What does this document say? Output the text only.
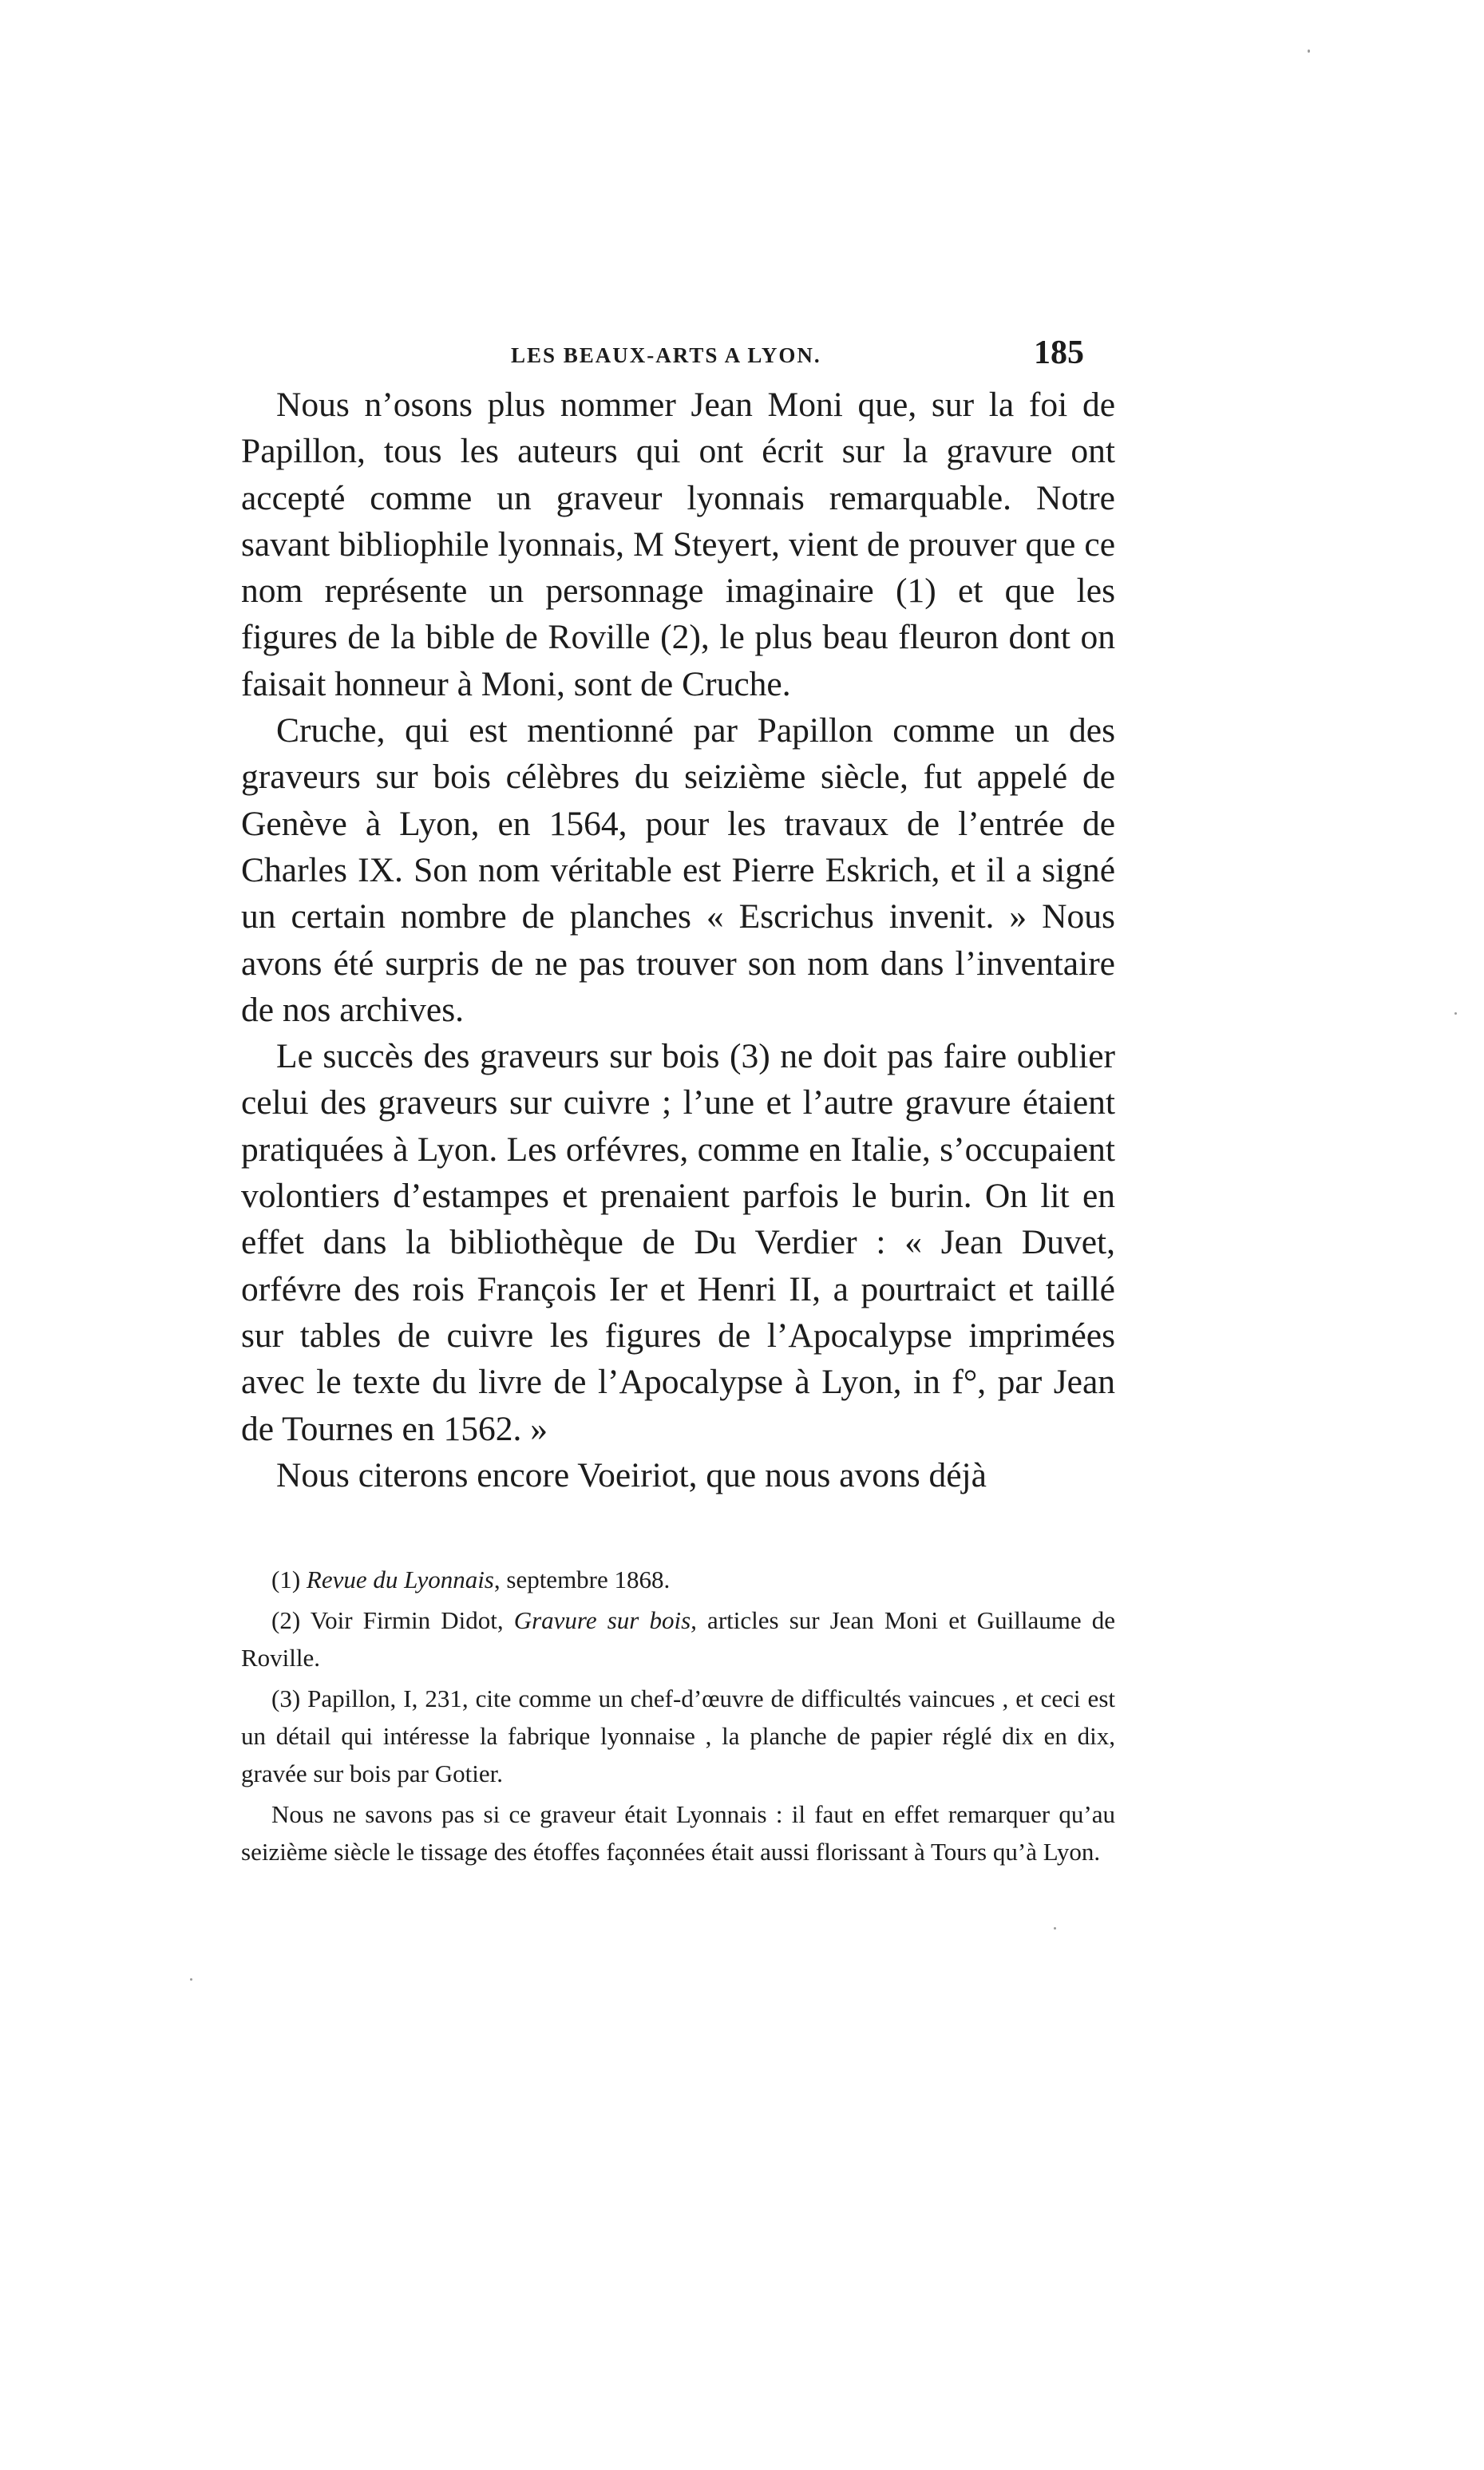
LES BEAUX-ARTS A LYON.	185

Nous n’osons plus nommer Jean Moni que, sur la foi de Papillon, tous les auteurs qui ont écrit sur la gravure ont accepté comme un graveur lyonnais remarquable. Notre savant bibliophile lyonnais, M Steyert, vient de prouver que ce nom représente un personnage imaginaire (1) et que les figures de la bible de Roville (2), le plus beau fleuron dont on faisait honneur à Moni, sont de Cruche.

Cruche, qui est mentionné par Papillon comme un des graveurs sur bois célèbres du seizième siècle, fut appelé de Genève à Lyon, en 1564, pour les travaux de l’entrée de Charles IX. Son nom véritable est Pierre Eskrich, et il a signé un certain nombre de planches « Escrichus invenit. » Nous avons été surpris de ne pas trouver son nom dans l’inventaire de nos archives.

Le succès des graveurs sur bois (3) ne doit pas faire oublier celui des graveurs sur cuivre ; l’une et l’autre gravure étaient pratiquées à Lyon. Les orfévres, comme en Italie, s’occupaient volontiers d’estampes et prenaient parfois le burin. On lit en effet dans la bibliothèque de Du Verdier : « Jean Duvet, orfévre des rois François Ier et Henri II, a pourtraict et taillé sur tables de cuivre les figures de l’Apocalypse imprimées avec le texte du livre de l’Apocalypse à Lyon, in f°, par Jean de Tournes en 1562. »

Nous citerons encore Voeiriot, que nous avons déjà

(1) Revue du Lyonnais, septembre 1868.

(2) Voir Firmin Didot, Gravure sur bois, articles sur Jean Moni et Guillaume de Roville.

(3) Papillon, I, 231, cite comme un chef-d’œuvre de difficultés vaincues , et ceci est un détail qui intéresse la fabrique lyonnaise , la planche de papier réglé dix en dix, gravée sur bois par Gotier.

Nous ne savons pas si ce graveur était Lyonnais : il faut en effet remarquer qu’au seizième siècle le tissage des étoffes façonnées était aussi florissant à Tours qu’à Lyon.
